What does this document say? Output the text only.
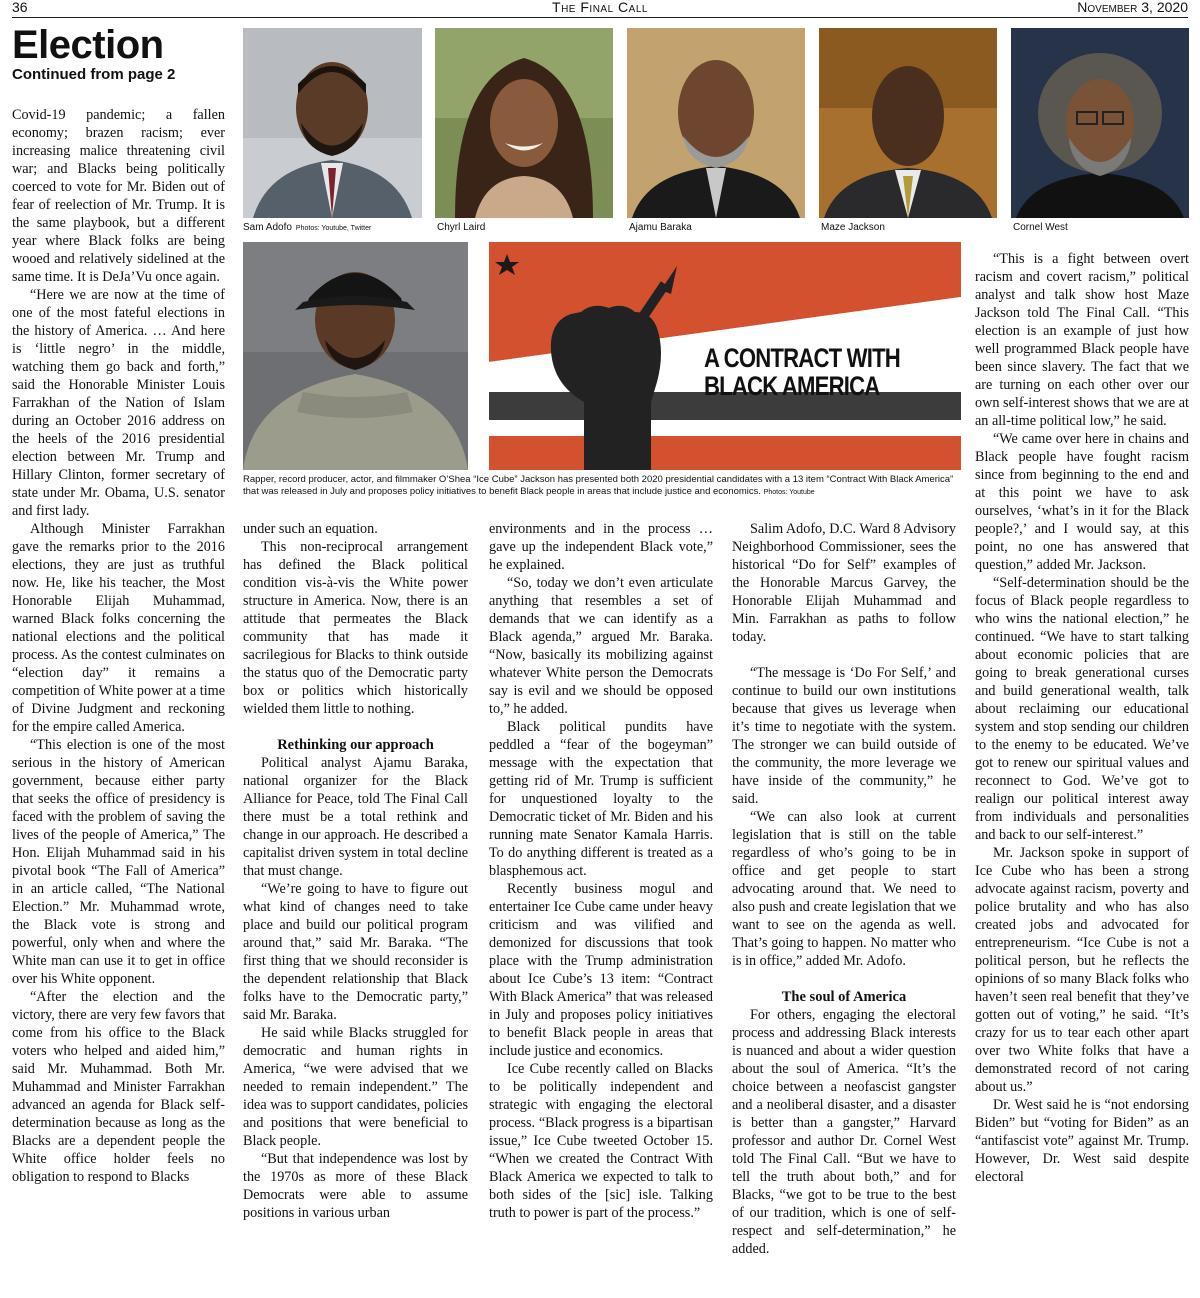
36	The Final Call	November 3, 2020
Election
Continued from page 2
Sam Adofo Photos: Youtube, Twitter	Chyrl Laird	Ajamu Baraka	Maze Jackson	Cornel West
A CONTRACT WITH
BLACK AMERICA
Rapper, record producer, actor, and filmmaker O’Shea “Ice Cube” Jackson has presented both 2020 presidential candidates with a 13 item “Contract With Black America” that was released in July and proposes policy initiatives to benefit Black people in areas that include justice and economics. Photos: Youtube

Covid-19 pandemic; a fallen economy; brazen racism; ever increasing malice threatening civil war; and Blacks being politically coerced to vote for Mr. Biden out of fear of reelection of Mr. Trump. It is the same playbook, but a different year where Black folks are being wooed and relatively sidelined at the same time. It is DeJa’Vu once again.

“Here we are now at the time of one of the most fateful elections in the history of America. … And here is ‘little negro’ in the middle, watching them go back and forth,” said the Honorable Minister Louis Farrakhan of the Nation of Islam during an October 2016 address on the heels of the 2016 presidential election between Mr. Trump and Hillary Clinton, former secretary of state under Mr. Obama, U.S. senator and first lady.

Although Minister Farrakhan gave the remarks prior to the 2016 elections, they are just as truthful now. He, like his teacher, the Most Honorable Elijah Muhammad, warned Black folks concerning the national elections and the political process. As the contest culminates on “election day” it remains a competition of White power at a time of Divine Judgment and reckoning for the empire called America.

“This election is one of the most serious in the history of American government, because either party that seeks the office of presidency is faced with the problem of saving the lives of the people of America,” The Hon. Elijah Muhammad said in his pivotal book “The Fall of America” in an article called, “The National Election.” Mr. Muhammad wrote, the Black vote is strong and powerful, only when and where the White man can use it to get in office over his White opponent.

“After the election and the victory, there are very few favors that come from his office to the Black voters who helped and aided him,” said Mr. Muhammad. Both Mr. Muhammad and Minister Farrakhan advanced an agenda for Black self-determination because as long as the Blacks are a dependent people the White office holder feels no obligation to respond to Blacks

under such an equation.

This non-reciprocal arrangement has defined the Black political condition vis-à-vis the White power structure in America. Now, there is an attitude that permeates the Black community that has made it sacrilegious for Blacks to think outside the status quo of the Democratic party box or politics which historically wielded them little to nothing.

Rethinking our approach

Political analyst Ajamu Baraka, national organizer for the Black Alliance for Peace, told The Final Call there must be a total rethink and change in our approach. He described a capitalist driven system in total decline that must change.

“We’re going to have to figure out what kind of changes need to take place and build our political program around that,” said Mr. Baraka. “The first thing that we should reconsider is the dependent relationship that Black folks have to the Democratic party,” said Mr. Baraka.

He said while Blacks struggled for democratic and human rights in America, “we were advised that we needed to remain independent.” The idea was to support candidates, policies and positions that were beneficial to Black people.

“But that independence was lost by the 1970s as more of these Black Democrats were able to assume positions in various urban

environments and in the process … gave up the independent Black vote,” he explained.

“So, today we don’t even articulate anything that resembles a set of demands that we can identify as a Black agenda,” argued Mr. Baraka. “Now, basically its mobilizing against whatever White person the Democrats say is evil and we should be opposed to,” he added.

Black political pundits have peddled a “fear of the bogeyman” message with the expectation that getting rid of Mr. Trump is sufficient for unquestioned loyalty to the Democratic ticket of Mr. Biden and his running mate Senator Kamala Harris. To do anything different is treated as a blasphemous act.

Recently business mogul and entertainer Ice Cube came under heavy criticism and was vilified and demonized for discussions that took place with the Trump administration about Ice Cube’s 13 item: “Contract With Black America” that was released in July and proposes policy initiatives to benefit Black people in areas that include justice and economics.

Ice Cube recently called on Blacks to be politically independent and strategic with engaging the electoral process. “Black progress is a bipartisan issue,” Ice Cube tweeted October 15. “When we created the Contract With Black America we expected to talk to both sides of the [sic] isle. Talking truth to power is part of the process.”

Salim Adofo, D.C. Ward 8 Advisory Neighborhood Commissioner, sees the historical “Do for Self” examples of the Honorable Marcus Garvey, the Honorable Elijah Muhammad and Min. Farrakhan as paths to follow today.

“The message is ‘Do For Self,’ and continue to build our own institutions because that gives us leverage when it’s time to negotiate with the system. The stronger we can build outside of the community, the more leverage we have inside of the community,” he said.

“We can also look at current legislation that is still on the table regardless of who’s going to be in office and get people to start advocating around that. We need to also push and create legislation that we want to see on the agenda as well. That’s going to happen. No matter who is in office,” added Mr. Adofo.

The soul of America

For others, engaging the electoral process and addressing Black interests is nuanced and about a wider question about the soul of America. “It’s the choice between a neofascist gangster and a neoliberal disaster, and a disaster is better than a gangster,” Harvard professor and author Dr. Cornel West told The Final Call. “But we have to tell the truth about both,” and for Blacks, “we got to be true to the best of our tradition, which is one of self-respect and self-determination,” he added.

“This is a fight between overt racism and covert racism,” political analyst and talk show host Maze Jackson told The Final Call. “This election is an example of just how well programmed Black people have been since slavery. The fact that we are turning on each other over our own self-interest shows that we are at an all-time political low,” he said.

“We came over here in chains and Black people have fought racism since from beginning to the end and at this point we have to ask ourselves, ‘what’s in it for the Black people?,’ and I would say, at this point, no one has answered that question,” added Mr. Jackson.

“Self-determination should be the focus of Black people regardless to who wins the national election,” he continued. “We have to start talking about economic policies that are going to break generational curses and build generational wealth, talk about reclaiming our educational system and stop sending our children to the enemy to be educated. We’ve got to renew our spiritual values and reconnect to God. We’ve got to realign our political interest away from individuals and personalities and back to our self-interest.”

Mr. Jackson spoke in support of Ice Cube who has been a strong advocate against racism, poverty and police brutality and who has also created jobs and advocated for entrepreneurism. “Ice Cube is not a political person, but he reflects the opinions of so many Black folks who haven’t seen real benefit that they’ve gotten out of voting,” he said. “It’s crazy for us to tear each other apart over two White folks that have a demonstrated record of not caring about us.”

Dr. West said he is “not endorsing Biden” but “voting for Biden” as an “antifascist vote” against Mr. Trump. However, Dr. West said despite electoral
